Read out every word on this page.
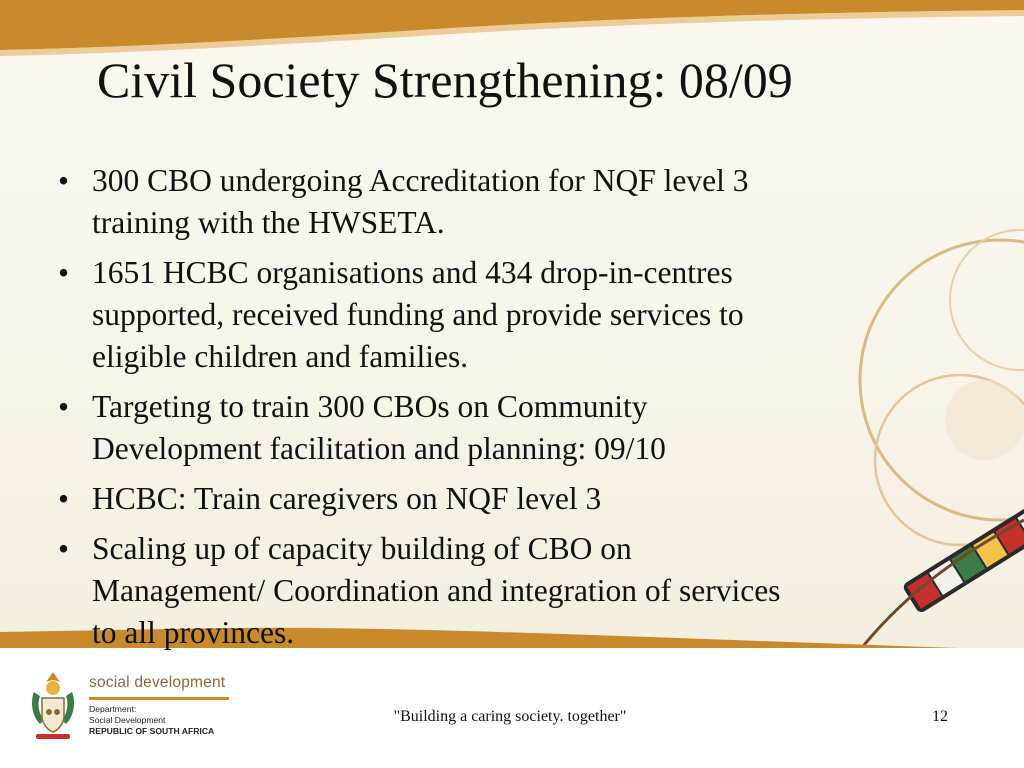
Civil Society Strengthening: 08/09
• 300 CBO undergoing Accreditation for NQF level 3
training with the HWSETA.
• 1651 HCBC organisations and 434 drop-in-centres
supported, received funding and provide services to
eligible children and families.
• Targeting to train 300 CBOs on Community
Development facilitation and planning: 09/10
• HCBC: Train caregivers on NQF level 3
• Scaling up of capacity building of CBO on
Management/ Coordination and integration of services
to all provinces.
social development
Department:
Social Development
REPUBLIC OF SOUTH AFRICA
"Building a caring society. together"	12
